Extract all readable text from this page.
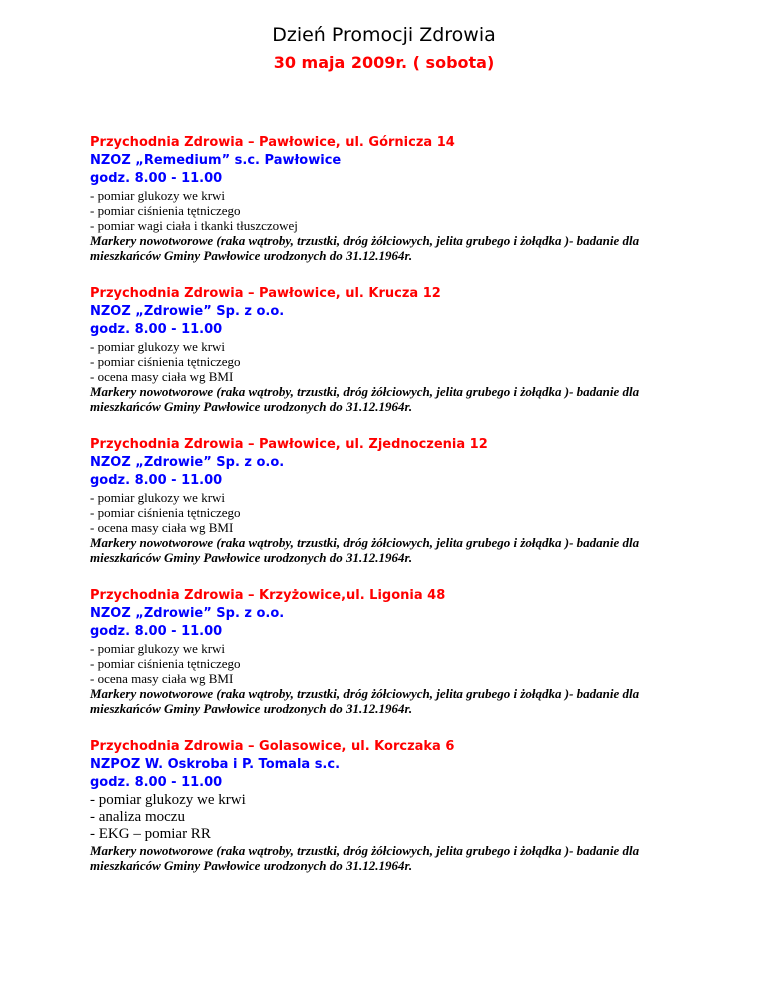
Dzień Promocji Zdrowia
30 maja 2009r. ( sobota)
Przychodnia Zdrowia – Pawłowice, ul. Górnicza 14
NZOZ „Remedium” s.c. Pawłowice
godz. 8.00 - 11.00
- pomiar glukozy we krwi
- pomiar ciśnienia tętniczego
- pomiar wagi ciała i tkanki tłuszczowej
Markery nowotworowe (raka wątroby, trzustki, dróg żółciowych, jelita grubego i żołądka )- badanie dla mieszkańców Gminy Pawłowice urodzonych do 31.12.1964r.
Przychodnia Zdrowia – Pawłowice, ul. Krucza 12
NZOZ „Zdrowie” Sp. z o.o.
godz. 8.00 - 11.00
- pomiar glukozy we krwi
- pomiar ciśnienia tętniczego
- ocena masy ciała wg BMI
Markery nowotworowe (raka wątroby, trzustki, dróg żółciowych, jelita grubego i żołądka )- badanie dla mieszkańców Gminy Pawłowice urodzonych do 31.12.1964r.
Przychodnia Zdrowia – Pawłowice, ul. Zjednoczenia 12
NZOZ „Zdrowie” Sp. z o.o.
godz. 8.00 - 11.00
- pomiar glukozy we krwi
- pomiar ciśnienia tętniczego
- ocena masy ciała wg BMI
Markery nowotworowe (raka wątroby, trzustki, dróg żółciowych, jelita grubego i żołądka )- badanie dla mieszkańców Gminy Pawłowice urodzonych do 31.12.1964r.
Przychodnia Zdrowia – Krzyżowice,ul. Ligonia 48
NZOZ „Zdrowie” Sp. z o.o.
godz. 8.00 - 11.00
- pomiar glukozy we krwi
- pomiar ciśnienia tętniczego
- ocena masy ciała wg BMI
Markery nowotworowe (raka wątroby, trzustki, dróg żółciowych, jelita grubego i żołądka )- badanie dla mieszkańców Gminy Pawłowice urodzonych do 31.12.1964r.
Przychodnia Zdrowia – Golasowice, ul. Korczaka 6
NZPOZ W. Oskroba i P. Tomala s.c.
godz. 8.00 - 11.00
- pomiar glukozy we krwi
- analiza moczu
- EKG – pomiar RR
Markery nowotworowe (raka wątroby, trzustki, dróg żółciowych, jelita grubego i żołądka )- badanie dla mieszkańców Gminy Pawłowice urodzonych do 31.12.1964r.
